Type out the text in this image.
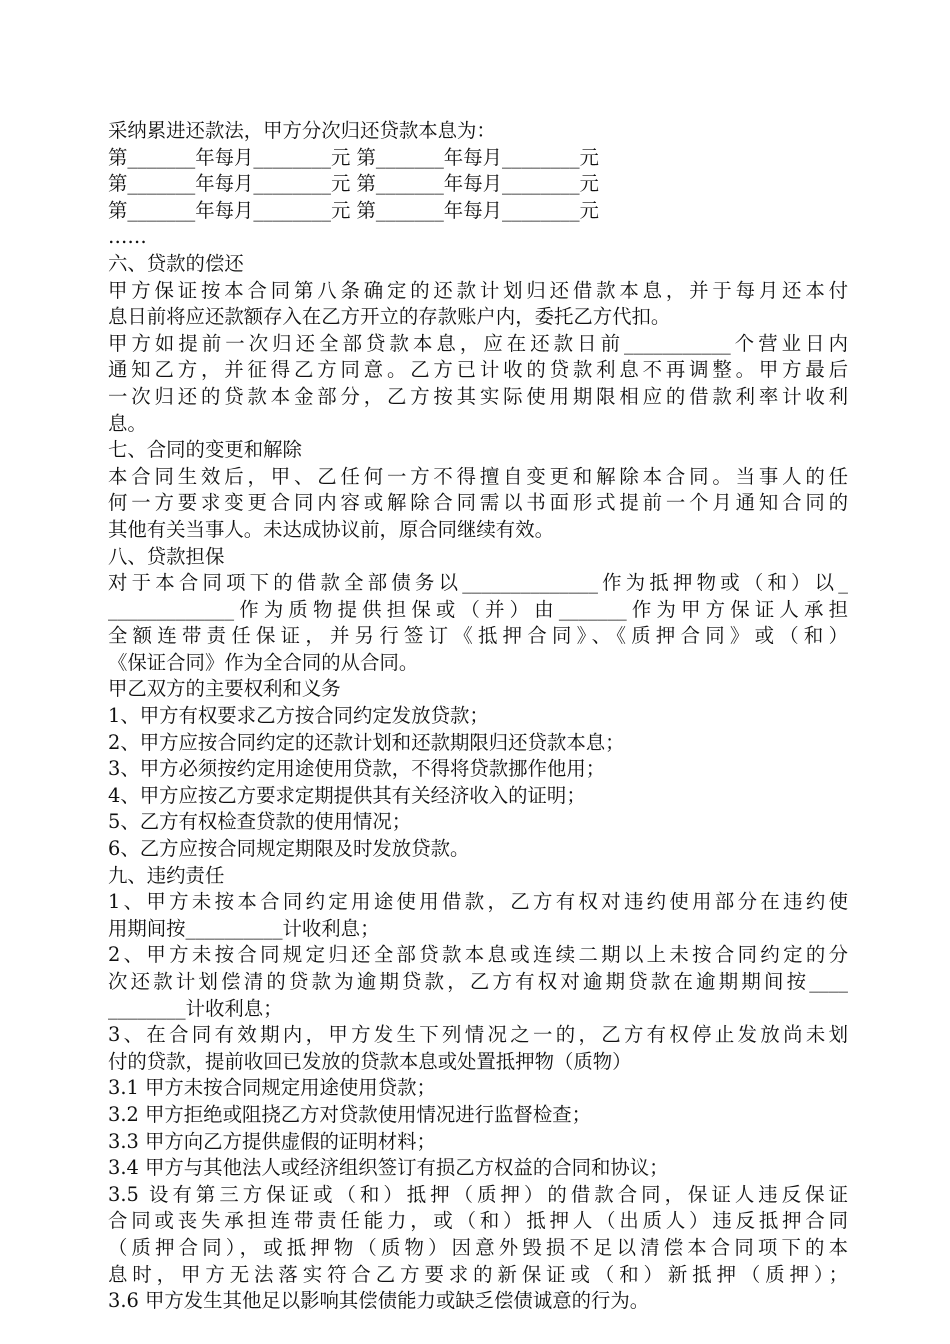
采纳累进还款法，甲方分次归还贷款本息为：
第_______年每月________元 第_______年每月________元
第_______年每月________元 第_______年每月________元
第_______年每月________元 第_______年每月________元
……
六、贷款的偿还
甲方保证按本合同第八条确定的还款计划归还借款本息，并于每月还本付
息日前将应还款额存入在乙方开立的存款账户内，委托乙方代扣。
甲方如提前一次归还全部贷款本息，应在还款日前___________个营业日内
通知乙方，并征得乙方同意。乙方已计收的贷款利息不再调整。甲方最后
一次归还的贷款本金部分，乙方按其实际使用期限相应的借款利率计收利
息。
七、合同的变更和解除
本合同生效后，甲、乙任何一方不得擅自变更和解除本合同。当事人的任
何一方要求变更合同内容或解除合同需以书面形式提前一个月通知合同的
其他有关当事人。未达成协议前，原合同继续有效。
八、贷款担保
对于本合同项下的借款全部债务以______________作为抵押物或（和）以_
_____________作为质物提供担保或（并）由_______作为甲方保证人承担
全额连带责任保证，并另行签订《抵押合同》、《质押合同》或（和）
《保证合同》作为全合同的从合同。
甲乙双方的主要权利和义务
1、甲方有权要求乙方按合同约定发放贷款；
2、甲方应按合同约定的还款计划和还款期限归还贷款本息；
3、甲方必须按约定用途使用贷款，不得将贷款挪作他用；
4、甲方应按乙方要求定期提供其有关经济收入的证明；
5、乙方有权检查贷款的使用情况；
6、乙方应按合同规定期限及时发放贷款。
九、违约责任
1、甲方未按本合同约定用途使用借款，乙方有权对违约使用部分在违约使
用期间按__________计收利息；
2、甲方未按合同规定归还全部贷款本息或连续二期以上未按合同约定的分
次还款计划偿清的贷款为逾期贷款，乙方有权对逾期贷款在逾期期间按____
________计收利息；
3、在合同有效期内，甲方发生下列情况之一的，乙方有权停止发放尚未划
付的贷款，提前收回已发放的贷款本息或处置抵押物（质物）
3.1 甲方未按合同规定用途使用贷款；
3.2 甲方拒绝或阻挠乙方对贷款使用情况进行监督检查；
3.3 甲方向乙方提供虚假的证明材料；
3.4 甲方与其他法人或经济组织签订有损乙方权益的合同和协议；
3.5 设有第三方保证或（和）抵押（质押）的借款合同，保证人违反保证
合同或丧失承担连带责任能力，或（和）抵押人（出质人）违反抵押合同
（质押合同），或抵押物（质物）因意外毁损不足以清偿本合同项下的本
息时，甲方无法落实符合乙方要求的新保证或（和）新抵押（质押）；
3.6 甲方发生其他足以影响其偿债能力或缺乏偿债诚意的行为。
